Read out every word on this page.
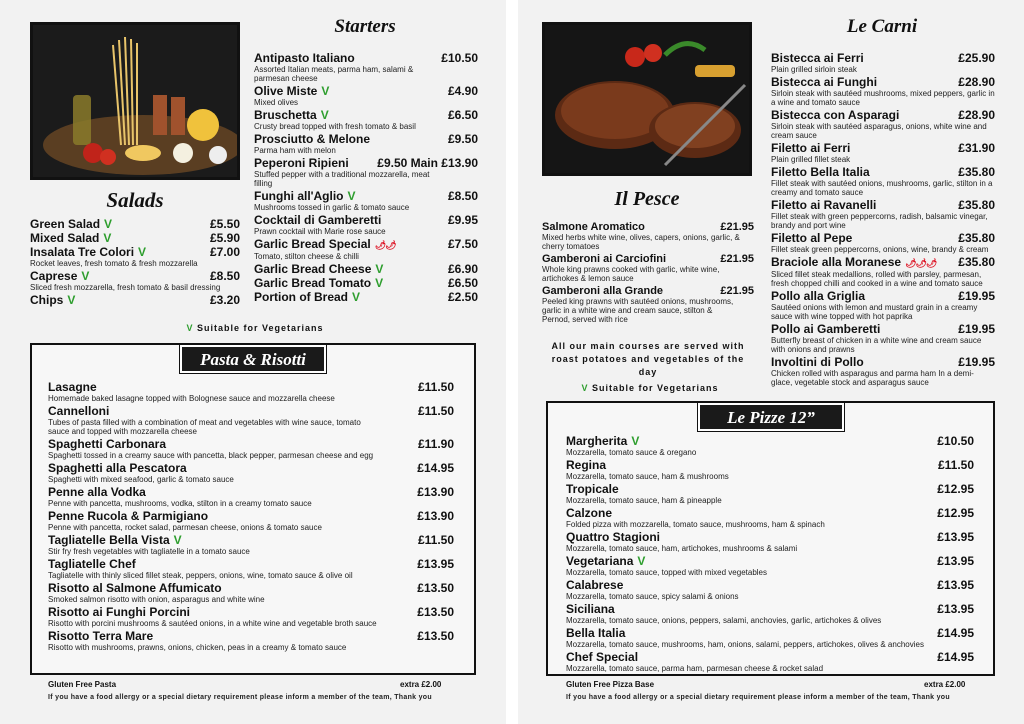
Starters
Antipasto Italiano	£10.50
Assorted Italian meats, parma ham, salami & parmesan cheese
Olive Miste V	£4.90
Mixed olives
Bruschetta V	£6.50
Crusty bread topped with fresh tomato & basil
Prosciutto & Melone	£9.50
Parma ham with melon
Peperoni Ripieni £9.50 Main £13.90
Stuffed pepper with a traditional mozzarella, meat filling
Funghi all'Aglio V	£8.50
Mushrooms tossed in garlic & tomato sauce
Cocktail di Gamberetti	£9.95
Prawn cocktail with Marie rose sauce
Garlic Bread Special 🌶🌶	£7.50
Tomato, stilton cheese & chilli
Garlic Bread Cheese V	£6.90
Garlic Bread Tomato V	£6.50
Portion of Bread V	£2.50
Salads
Green Salad V	£5.50
Mixed Salad V	£5.90
Insalata Tre Colori V	£7.00
Rocket leaves, fresh tomato & fresh mozzarella
Caprese V	£8.50
Sliced fresh mozzarella, fresh tomato & basil dressing
Chips V	£3.20
V Suitable for Vegetarians
Pasta & Risotti
Lasagne	£11.50
Homemade baked lasagne topped with Bolognese sauce and mozzarella cheese
Cannelloni	£11.50
Tubes of pasta filled with a combination of meat and vegetables with wine sauce, tomato sauce and topped with mozzarella cheese
Spaghetti Carbonara	£11.90
Spaghetti tossed in a creamy sauce with pancetta, black pepper, parmesan cheese and egg
Spaghetti alla Pescatora	£14.95
Spaghetti with mixed seafood, garlic & tomato sauce
Penne alla Vodka	£13.90
Penne with pancetta, mushrooms, vodka, stilton in a creamy tomato sauce
Penne Rucola & Parmigiano	£13.90
Penne with pancetta, rocket salad, parmesan cheese, onions & tomato sauce
Tagliatelle Bella Vista V	£11.50
Stir fry fresh vegetables with tagliatelle in a tomato sauce
Tagliatelle Chef	£13.95
Tagliatelle with thinly sliced fillet steak, peppers, onions, wine, tomato sauce & olive oil
Risotto al Salmone Affumicato	£13.50
Smoked salmon risotto with onion, asparagus and white wine
Risotto ai Funghi Porcini	£13.50
Risotto with porcini mushrooms & sautéed onions, in a white wine and vegetable broth sauce
Risotto Terra Mare	£13.50
Risotto with mushrooms, prawns, onions, chicken, peas in a creamy & tomato sauce
Gluten Free Pasta	extra £2.00
If you have a food allergy or a special dietary requirement please inform a member of the team, Thank you
Il Pesce
Salmone Aromatico	£21.95
Mixed herbs white wine, olives, capers, onions, garlic, & cherry tomatoes
Gamberoni ai Carciofini	£21.95
Whole king prawns cooked with garlic, white wine, artichokes & lemon sauce
Gamberoni alla Grande	£21.95
Peeled king prawns with sautéed onions, mushrooms, garlic in a white wine and cream sauce, stilton & Pernod, served with rice
All our main courses are served with roast potatoes and vegetables of the day
V Suitable for Vegetarians
Le Carni
Bistecca ai Ferri	£25.90
Plain grilled sirloin steak
Bistecca ai Funghi	£28.90
Sirloin steak with sautéed mushrooms, mixed peppers, garlic in a wine and tomato sauce
Bistecca con Asparagi	£28.90
Sirloin steak with sautéed asparagus, onions, white wine and cream sauce
Filetto ai Ferri	£31.90
Plain grilled fillet steak
Filetto Bella Italia	£35.80
Fillet steak with sautéed onions, mushrooms, garlic, stilton in a creamy and tomato sauce
Filetto ai Ravanelli	£35.80
Fillet steak with green peppercorns, radish, balsamic vinegar, brandy and port wine
Filetto al Pepe	£35.80
Fillet steak green peppercorns, onions, wine, brandy & cream
Braciole alla Moranese 🌶🌶🌶 £35.80
Sliced fillet steak medallions, rolled with parsley, parmesan, fresh chopped chilli and cooked in a wine and tomato sauce
Pollo alla Griglia	£19.95
Sautéed onions with lemon and mustard grain in a creamy sauce with wine topped with hot paprika
Pollo ai Gamberetti	£19.95
Butterfly breast of chicken in a white wine and cream sauce with onions and prawns
Involtini di Pollo	£19.95
Chicken rolled with asparagus and parma ham In a demi-glace, vegetable stock and asparagus sauce
Le Pizze 12”
Margherita V	£10.50
Mozzarella, tomato sauce & oregano
Regina	£11.50
Mozzarella, tomato sauce, ham & mushrooms
Tropicale	£12.95
Mozzarella, tomato sauce, ham & pineapple
Calzone	£12.95
Folded pizza with mozzarella, tomato sauce, mushrooms, ham & spinach
Quattro Stagioni	£13.95
Mozzarella, tomato sauce, ham, artichokes, mushrooms & salami
Vegetariana V	£13.95
Mozzarella, tomato sauce, topped with mixed vegetables
Calabrese	£13.95
Mozzarella, tomato sauce, spicy salami & onions
Siciliana	£13.95
Mozzarella, tomato sauce, onions, peppers, salami, anchovies, garlic, artichokes & olives
Bella Italia	£14.95
Mozzarella, tomato sauce, mushrooms, ham, onions, salami, peppers, artichokes, olives & anchovies
Chef Special	£14.95
Mozzarella, tomato sauce, parma ham, parmesan cheese & rocket salad
Gluten Free Pizza Base	extra £2.00
If you have a food allergy or a special dietary requirement please inform a member of the team, Thank you
